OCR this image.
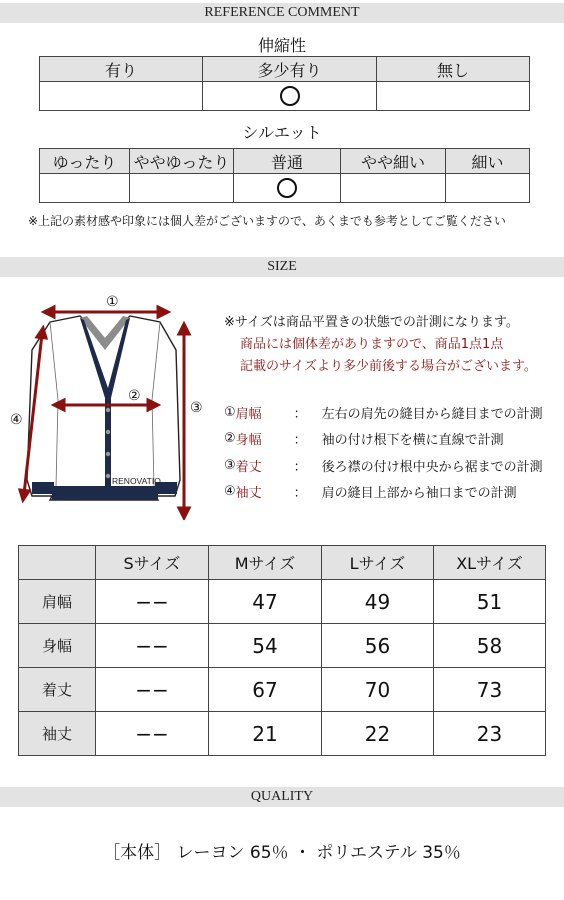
REFERENCE COMMENT
伸縮性
有り	多少有り	無し

シルエット
ゆったり	ややゆったり	普通	やや細い	細い

※上記の素材感や印象には個人差がございますので、あくまでも参考としてご覧ください
SIZE
RENOVATIO
①
②
③
④
※サイズは商品平置きの状態での計測になります。
商品には個体差がありますので、商品1点1点
記載のサイズより多少前後する場合がございます。
① 肩幅	：	左右の肩先の縫目から縫目までの計測
② 身幅	：	袖の付け根下を横に直線で計測
③ 着丈	：	後ろ襟の付け根中央から裾までの計測
④ 袖丈	：	肩の縫目上部から袖口までの計測
	Sサイズ	Mサイズ	Lサイズ	XLサイズ
肩幅	−−	47	49	51
身幅	−−	54	56	58
着丈	−−	67	70	73
袖丈	−−	21	22	23
QUALITY
［本体］ レーヨン 65％ ・ ポリエステル 35％
